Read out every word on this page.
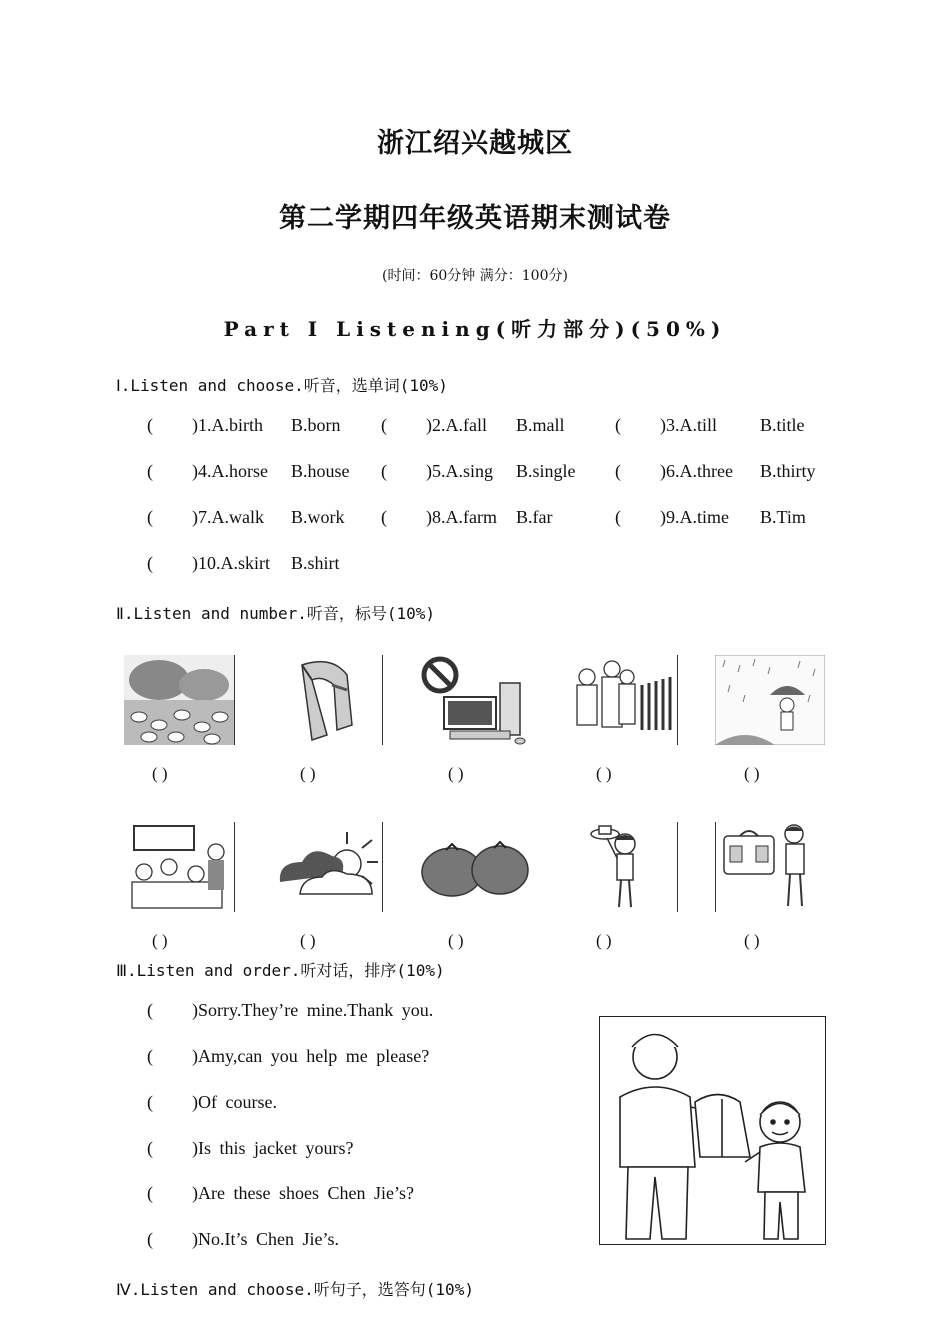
浙江绍兴越城区
第二学期四年级英语期末测试卷
(时间：60分钟 满分：100分)
Part I Listening(听力部分)(50%)
Ⅰ.Listen and choose.听音，选单词(10%)
( )1.A.birth B.born ( )2.A.fall B.mall	( )3.A.till B.title
( )4.A.horse B.house ( )5.A.sing B.single ( )6.A.three B.thirty
( )7.A.walk B.work ( )8.A.farm B.far	( )9.A.time B.Tim
( )10.A.skirt B.shirt
Ⅱ.Listen and number.听音，标号(10%)
( )	( )	( )	( )	( )
( )	( )	( )	( )	( )
Ⅲ.Listen and order.听对话，排序(10%)
( )Sorry.They’re mine.Thank you.
( )Amy,can you help me please?
( )Of course.
( )Is this jacket yours?
( )Are these shoes Chen Jie’s?
( )No.It’s Chen Jie’s.
Ⅳ.Listen and choose.听句子，选答句(10%)
